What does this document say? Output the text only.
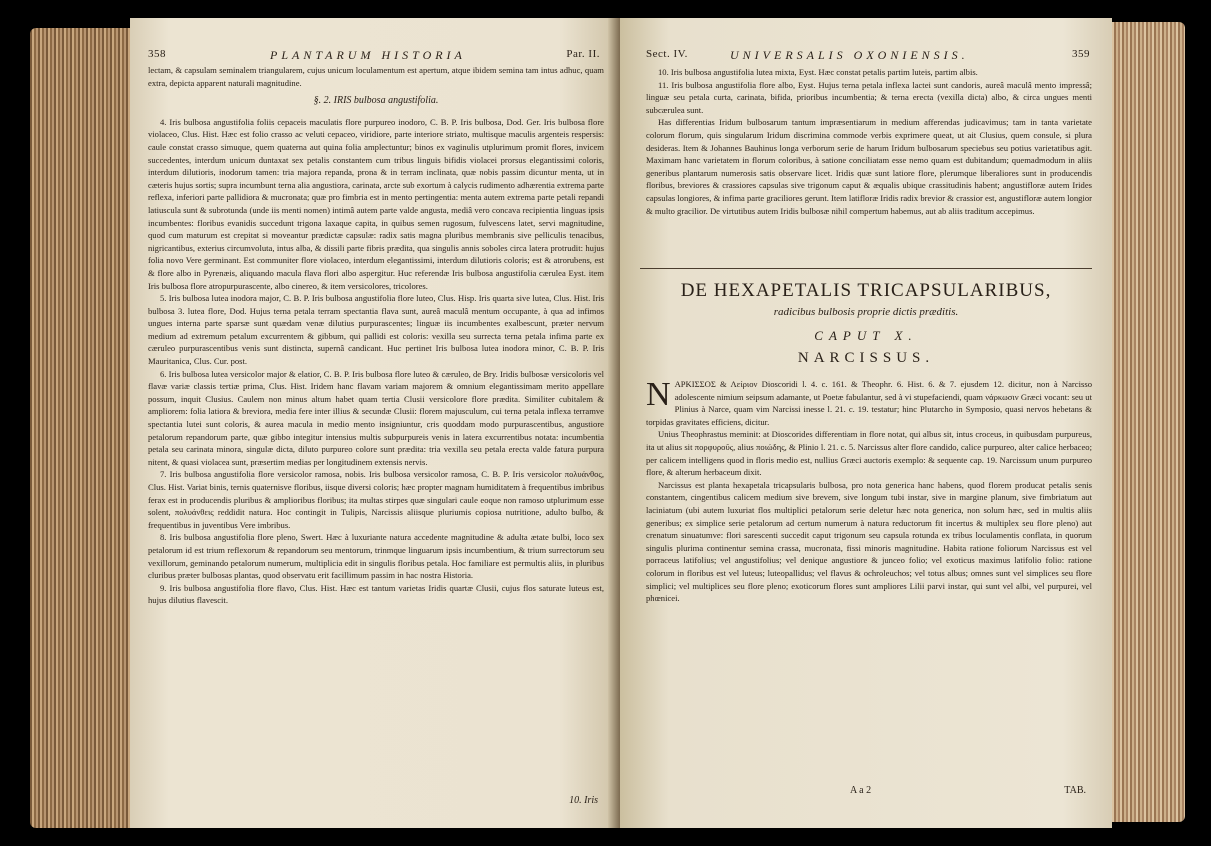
358	PLANTARUM HISTORIA	Par. II.

lectam, & capsulam seminalem triangularem, cujus unicum loculamentum est apertum, atque ibidem semina tam intus adhuc, quam extra, depicta apparent naturali magnitudine.

§. 2. IRIS bulbosa angustifolia.

4. Iris bulbosa angustifolia foliis cepaceis maculatis flore purpureo inodoro, C. B. P. Iris bulbosa, Dod. Ger. Iris bulbosa flore violaceo, Clus. Hist. Hæc est folio crasso ac veluti cepaceo, viridiore, parte interiore striato, multisque maculis argenteis respersis: caule constat crasso simuque, quem quaterna aut quina folia amplectuntur; binos ex vaginulis utplurimum promit flores, invicem succedentes, interdum unicum duntaxat sex petalis constantem cum tribus linguis bifidis violacei prorsus elegantissimi coloris, interdum dilutioris, inodorum tamen: tria majora repanda, prona & in terram inclinata, quæ nobis passim dicuntur menta, ut in cæteris hujus sortis; supra incumbunt terna alia angustiora, carinata, arcte sub exortum à calycis rudimento adhærentia extrema parte reflexa, inferiori parte pallidiora & mucronata; quæ pro fimbria est in mento pertingentia: menta autem extrema parte petali repandi latiuscula sunt & subrotunda (unde iis menti nomen) intimâ autem parte valde angusta, mediâ vero concava recipientia linguas ipsis incumbentes: floribus evanidis succedunt trigona laxaque capita, in quibus semen rugosum, fulvescens latet, servi magnitudine, quod cum maturum est crepitat si moveantur prædictæ capsulæ: radix satis magna pluribus membranis sive pelliculis tenacibus, nigricantibus, exterius circumvoluta, intus alba, & dissili parte fibris prædita, qua singulis annis soboles circa latera protrudit: hujus folia novo Vere germinant. Est communiter flore violaceo, interdum elegantissimi, interdum dilutioris coloris; est & atrorubens, est & flore albo in Pyrenæis, aliquando macula flava flori albo aspergitur. Huc referendæ Iris bulbosa angustifolia cærulea Eyst. item Iris bulbosa flore atropurpurascente, albo cinereo, & item versicolores, tricolores.

5. Iris bulbosa lutea inodora major, C. B. P. Iris bulbosa angustifolia flore luteo, Clus. Hisp. Iris quarta sive lutea, Clus. Hist. Iris bulbosa 3. lutea flore, Dod. Hujus terna petala terram spectantia flava sunt, aureâ maculâ mentum occupante, à qua ad infimos ungues interna parte sparsæ sunt quædam venæ dilutius purpurascentes; linguæ iis incumbentes exalbescunt, præter nervum medium ad extremum petalum excurrentem & gibbum, qui pallidi est coloris: vexilla seu surrecta terna petala infima parte ex cæruleo purpurascentibus venis sunt distincta, supernâ candicant. Huc pertinet Iris bulbosa lutea inodora minor, C. B. P. Iris Mauritanica, Clus. Cur. post.

6. Iris bulbosa lutea versicolor major & elatior, C. B. P. Iris bulbosa flore luteo & cæruleo, de Bry. Iridis bulbosæ versicoloris vel flavæ variæ classis tertiæ prima, Clus. Hist. Iridem hanc flavam variam majorem & omnium elegantissimam merito appellare possum, inquit Clusius. Caulem non minus altum habet quam tertia Clusii versicolore flore prædita. Similiter cubitalem & ampliorem: folia latiora & breviora, media fere inter illius & secundæ Clusii: florem majusculum, cui terna petala inflexa terramve spectantia lutei sunt coloris, & aurea macula in medio mento insigniuntur, cris quoddam modo purpurascentibus, angustiore petalorum repandorum parte, quæ gibbo integitur intensius multis subpurpureis venis in latera excurrentibus notata: incumbentia petala seu carinata minora, singulæ dicta, diluto purpureo colore sunt prædita: tria vexilla seu petala erecta valde fatura purpura nitent, & quasi violacea sunt, præsertim medias per longitudinem extensis nervis.

7. Iris bulbosa angustifolia flore versicolor ramosa, nobis. Iris bulbosa versicolor ramosa, C. B. P. Iris versicolor πολυάνθος, Clus. Hist. Variat binis, ternis quaternisve floribus, iisque diversi coloris; hæc propter magnam humiditatem à frequentibus imbribus ferax est in producendis pluribus & amplioribus floribus; ita multas stirpes quæ singulari caule eoque non ramoso utplurimum esse solent, πολυάνθεις reddidit natura. Hoc contingit in Tulipis, Narcissis aliisque pluriumis copiosa nutritione, adulto bulbo, & frequentibus in juventibus Vere imbribus.

8. Iris bulbosa angustifolia flore pleno, Swert. Hæc à luxuriante natura accedente magnitudine & adulta ætate bulbi, loco sex petalorum id est trium reflexorum & repandorum seu mentorum, trinmque linguarum ipsis incumbentium, & trium surrectorum seu vexillorum, geminando petalorum numerum, multiplicia edit in singulis floribus petala. Hoc familiare est permultis aliis, in pluribus cluribus præter bulbosas plantas, quod observatu erit facillimum passim in hac nostra Historia.

9. Iris bulbosa angustifolia flore flavo, Clus. Hist. Hæc est tantum varietas Iridis quartæ Clusii, cujus flos saturate luteus est, hujus dilutius flavescit.

10. Iris
Sect. IV.	UNIVERSALIS OXONIENSIS.	359

10. Iris bulbosa angustifolia lutea mixta, Eyst. Hæc constat petalis partim luteis, partim albis.

11. Iris bulbosa angustifolia flore albo, Eyst. Hujus terna petala inflexa lactei sunt candoris, aureâ maculâ mento impressâ; linguæ seu petala curta, carinata, bifida, prioribus incumbentia; & terna erecta (vexilla dicta) albo, & circa ungues menti subcærulea sunt.

Has differentias Iridum bulbosarum tantum impræsentiarum in medium afferendas judicavimus; tam in tanta varietate colorum florum, quis singularum Iridum discrimina commode verbis exprimere queat, ut ait Clusius, quem consule, si plura desideras. Item & Johannes Bauhinus longa verborum serie de harum Iridum bulbosarum speciebus seu potius varietatibus agit. Maximam hanc varietatem in florum coloribus, à satione conciliatam esse nemo quam est dubitandum; quemadmodum in aliis generibus plantarum numerosis satis observare licet. Iridis quæ sunt latiore flore, plerumque liberaliores sunt in producendis floribus, breviores & crassiores capsulas sive trigonum caput & æqualis ubique crassitudinis habent; angustifloræ autem Irides capsulas longiores, & infima parte graciliores gerunt. Item latifloræ Iridis radix brevior & crassior est, angustifloræ autem longior & multo gracilior. De virtutibus autem Iridis bulbosæ nihil compertum habemus, aut ab aliis traditum accepimus.

DE HEXAPETALIS TRICAPSULARIBUS,
radicibus bulbosis proprie dictis præditis.
CAPUT X.
NARCISSUS.

NAPKIΣΣOΣ & Λείριον Dioscoridi l. 4. c. 161. & Theophr. 6. Hist. 6. & 7. ejusdem 12. dicitur, non à Narcisso adolescente nimium seipsum adamante, ut Poetæ fabulantur, sed à vi stupefaciendi, quam νάρκωσιν Græci vocant: seu ut Plinius à Narce, quam vim Narcissi inesse l. 21. c. 19. testatur; hinc Plutarcho in Symposio, quasi nervos hebetans & torpidas gravitates efficiens, dicitur.

Unius Theophrastus meminit: at Dioscorides differentiam in flore notat, qui albus sit, intus croceus, in quibusdam purpureus, ita ut alius sit πορφυροῦς, alius ποιώδης, & Plinio l. 21. c. 5. Narcissus alter flore candido, calice purpureo, alter calice herbaceo; per calicem intelligens quod in floris medio est, nullius Græci auctoris exemplo: & sequente cap. 19. Narcissum unum purpureo flore, & alterum herbaceum dixit.

Narcissus est planta hexapetala tricapsularis bulbosa, pro nota generica hanc habens, quod florem producat petalis senis constantem, cingentibus calicem medium sive brevem, sive longum tubi instar, sive in margine planum, sive fimbriatum aut laciniatum (ubi autem luxuriat flos multiplici petalorum serie deletur hæc nota generica, non solum hæc, sed in multis aliis generibus; ex simplice serie petalorum ad certum numerum à natura reductorum fit incertus & multiplex seu flore pleno) aut crenatum sinuatumve: flori sarescenti succedit caput trigonum seu capsula rotunda ex tribus loculamentis conflata, in quorum singulis plurima continentur semina crassa, mucronata, fissi minoris magnitudine. Habita ratione foliorum Narcissus est vel porraceus latifolius; vel angustifolius; vel denique angustiore & junceo folio; vel exoticus maximus latifolio folio: ratione colorum in floribus est vel luteus; luteopallidus; vel flavus & ochroleuchos; vel totus albus; omnes sunt vel simplices seu flore simplici; vel multiplices seu flore pleno; exoticorum flores sunt ampliores Lilii parvi instar, qui sunt vel albi, vel purpurei, vel phœnicei.

A a 2	TAB.
